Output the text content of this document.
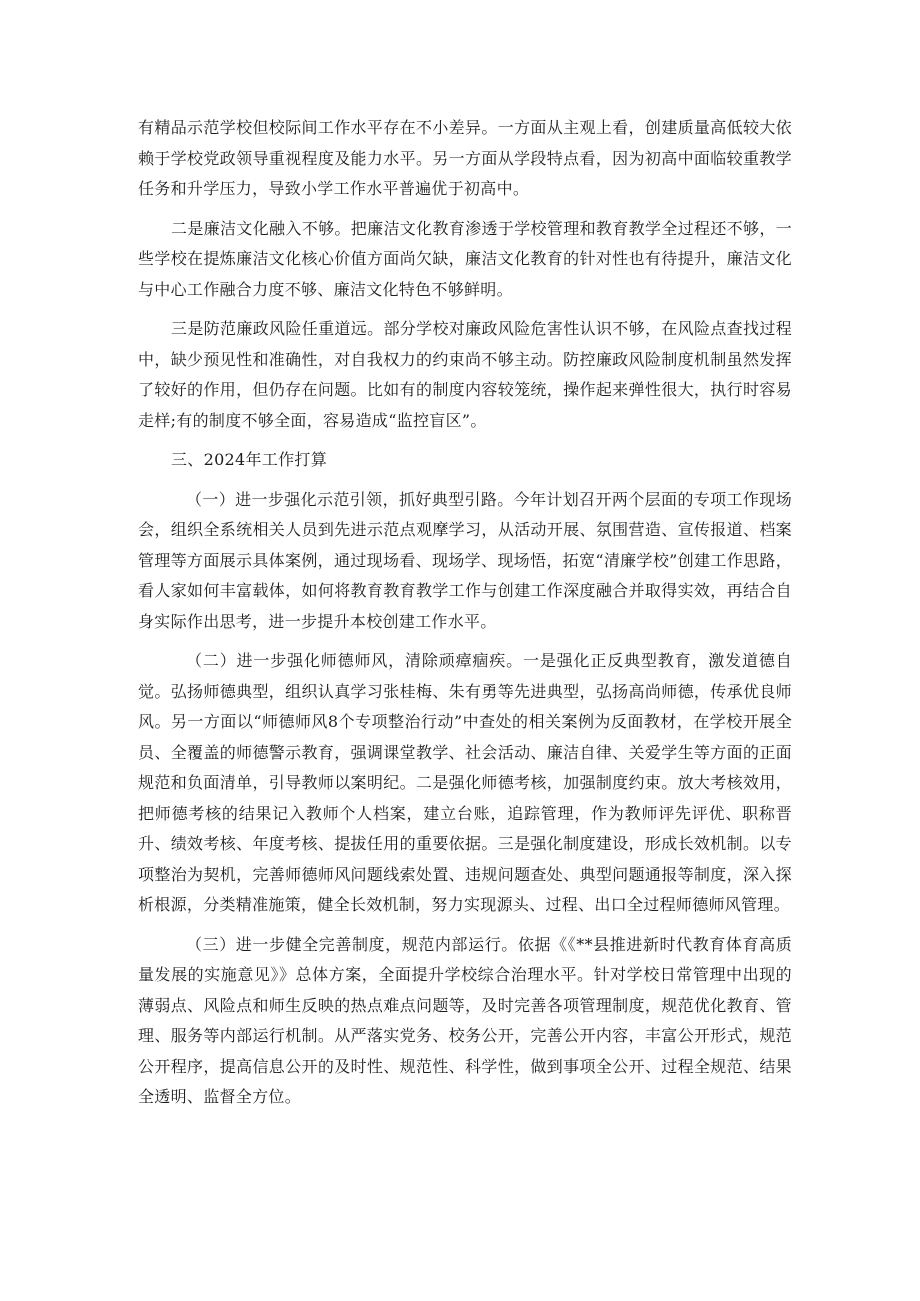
有精品示范学校但校际间工作水平存在不小差异。一方面从主观上看，创建质量高低较大依赖于学校党政领导重视程度及能力水平。另一方面从学段特点看，因为初高中面临较重教学任务和升学压力，导致小学工作水平普遍优于初高中。

二是廉洁文化融入不够。把廉洁文化教育渗透于学校管理和教育教学全过程还不够，一些学校在提炼廉洁文化核心价值方面尚欠缺，廉洁文化教育的针对性也有待提升，廉洁文化与中心工作融合力度不够、廉洁文化特色不够鲜明。

三是防范廉政风险任重道远。部分学校对廉政风险危害性认识不够，在风险点查找过程中，缺少预见性和准确性，对自我权力的约束尚不够主动。防控廉政风险制度机制虽然发挥了较好的作用，但仍存在问题。比如有的制度内容较笼统，操作起来弹性很大，执行时容易走样;有的制度不够全面，容易造成“监控盲区”。

三、2024年工作打算

（一）进一步强化示范引领，抓好典型引路。今年计划召开两个层面的专项工作现场会，组织全系统相关人员到先进示范点观摩学习，从活动开展、氛围营造、宣传报道、档案管理等方面展示具体案例，通过现场看、现场学、现场悟，拓宽“清廉学校”创建工作思路，看人家如何丰富载体，如何将教育教育教学工作与创建工作深度融合并取得实效，再结合自身实际作出思考，进一步提升本校创建工作水平。

（二）进一步强化师德师风，清除顽瘴痼疾。一是强化正反典型教育，激发道德自觉。弘扬师德典型，组织认真学习张桂梅、朱有勇等先进典型，弘扬高尚师德，传承优良师风。另一方面以“师德师风8个专项整治行动”中查处的相关案例为反面教材，在学校开展全员、全覆盖的师德警示教育，强调课堂教学、社会活动、廉洁自律、关爱学生等方面的正面规范和负面清单，引导教师以案明纪。二是强化师德考核，加强制度约束。放大考核效用，把师德考核的结果记入教师个人档案，建立台账，追踪管理，作为教师评先评优、职称晋升、绩效考核、年度考核、提拔任用的重要依据。三是强化制度建设，形成长效机制。以专项整治为契机，完善师德师风问题线索处置、违规问题查处、典型问题通报等制度，深入探析根源，分类精准施策，健全长效机制，努力实现源头、过程、出口全过程师德师风管理。

（三）进一步健全完善制度，规范内部运行。依据《《**县推进新时代教育体育高质量发展的实施意见》》总体方案，全面提升学校综合治理水平。针对学校日常管理中出现的薄弱点、风险点和师生反映的热点难点问题等，及时完善各项管理制度，规范优化教育、管理、服务等内部运行机制。从严落实党务、校务公开，完善公开内容，丰富公开形式，规范公开程序，提高信息公开的及时性、规范性、科学性，做到事项全公开、过程全规范、结果全透明、监督全方位。
